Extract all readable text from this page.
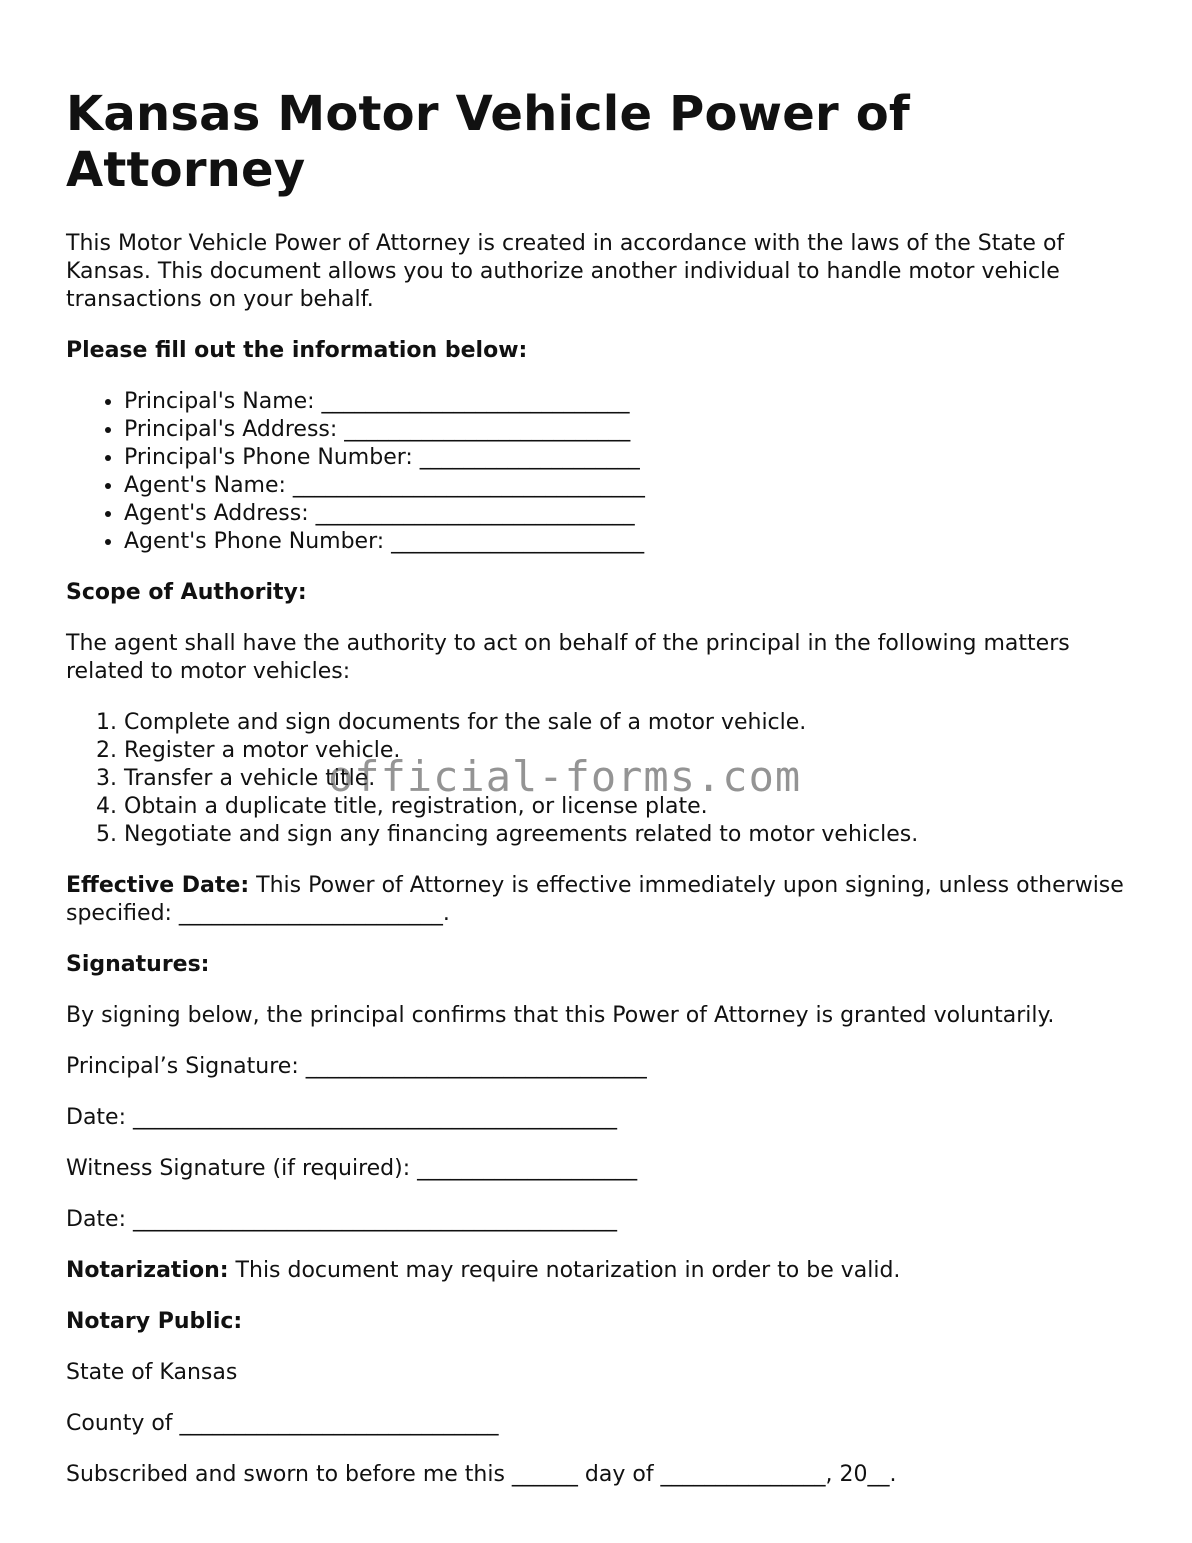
Kansas Motor Vehicle Power of Attorney

This Motor Vehicle Power of Attorney is created in accordance with the laws of the State of Kansas. This document allows you to authorize another individual to handle motor vehicle transactions on your behalf.

Please fill out the information below:

• Principal's Name: ____________________________
• Principal's Address: __________________________
• Principal's Phone Number: ____________________
• Agent's Name: ________________________________
• Agent's Address: _____________________________
• Agent's Phone Number: _______________________

Scope of Authority:

The agent shall have the authority to act on behalf of the principal in the following matters related to motor vehicles:

1. Complete and sign documents for the sale of a motor vehicle.
2. Register a motor vehicle.
3. Transfer a vehicle title.
4. Obtain a duplicate title, registration, or license plate.
5. Negotiate and sign any financing agreements related to motor vehicles.

Effective Date: This Power of Attorney is effective immediately upon signing, unless otherwise specified: ________________________.

Signatures:

By signing below, the principal confirms that this Power of Attorney is granted voluntarily.

Principal’s Signature: _______________________________

Date: ____________________________________________

Witness Signature (if required): ____________________

Date: ____________________________________________

Notarization: This document may require notarization in order to be valid.

Notary Public:

State of Kansas

County of _____________________________

Subscribed and sworn to before me this ______ day of _______________, 20__.

official-forms.com
